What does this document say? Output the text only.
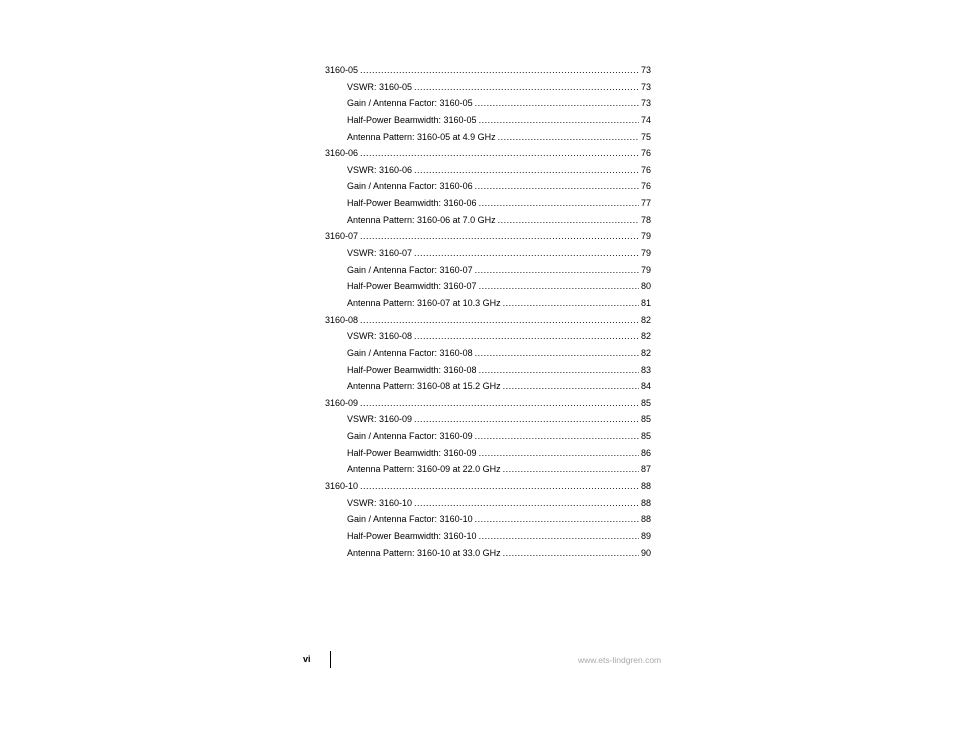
3160-05 .....	73
VSWR: 3160-05 .....	73
Gain / Antenna Factor: 3160-05 .....	73
Half-Power Beamwidth: 3160-05 .....	74
Antenna Pattern: 3160-05 at 4.9 GHz .....	75
3160-06 .....	76
VSWR: 3160-06 .....	76
Gain / Antenna Factor: 3160-06 .....	76
Half-Power Beamwidth: 3160-06 .....	77
Antenna Pattern: 3160-06 at 7.0 GHz .....	78
3160-07 .....	79
VSWR: 3160-07 .....	79
Gain / Antenna Factor: 3160-07 .....	79
Half-Power Beamwidth: 3160-07 .....	80
Antenna Pattern: 3160-07 at 10.3 GHz .....	81
3160-08 .....	82
VSWR: 3160-08 .....	82
Gain / Antenna Factor: 3160-08 .....	82
Half-Power Beamwidth: 3160-08 .....	83
Antenna Pattern: 3160-08 at 15.2 GHz .....	84
3160-09 .....	85
VSWR: 3160-09 .....	85
Gain / Antenna Factor: 3160-09 .....	85
Half-Power Beamwidth: 3160-09 .....	86
Antenna Pattern: 3160-09 at 22.0 GHz .....	87
3160-10 .....	88
VSWR: 3160-10 .....	88
Gain / Antenna Factor: 3160-10 .....	88
Half-Power Beamwidth: 3160-10 .....	89
Antenna Pattern: 3160-10 at 33.0 GHz .....	90
vi	www.ets-lindgren.com
